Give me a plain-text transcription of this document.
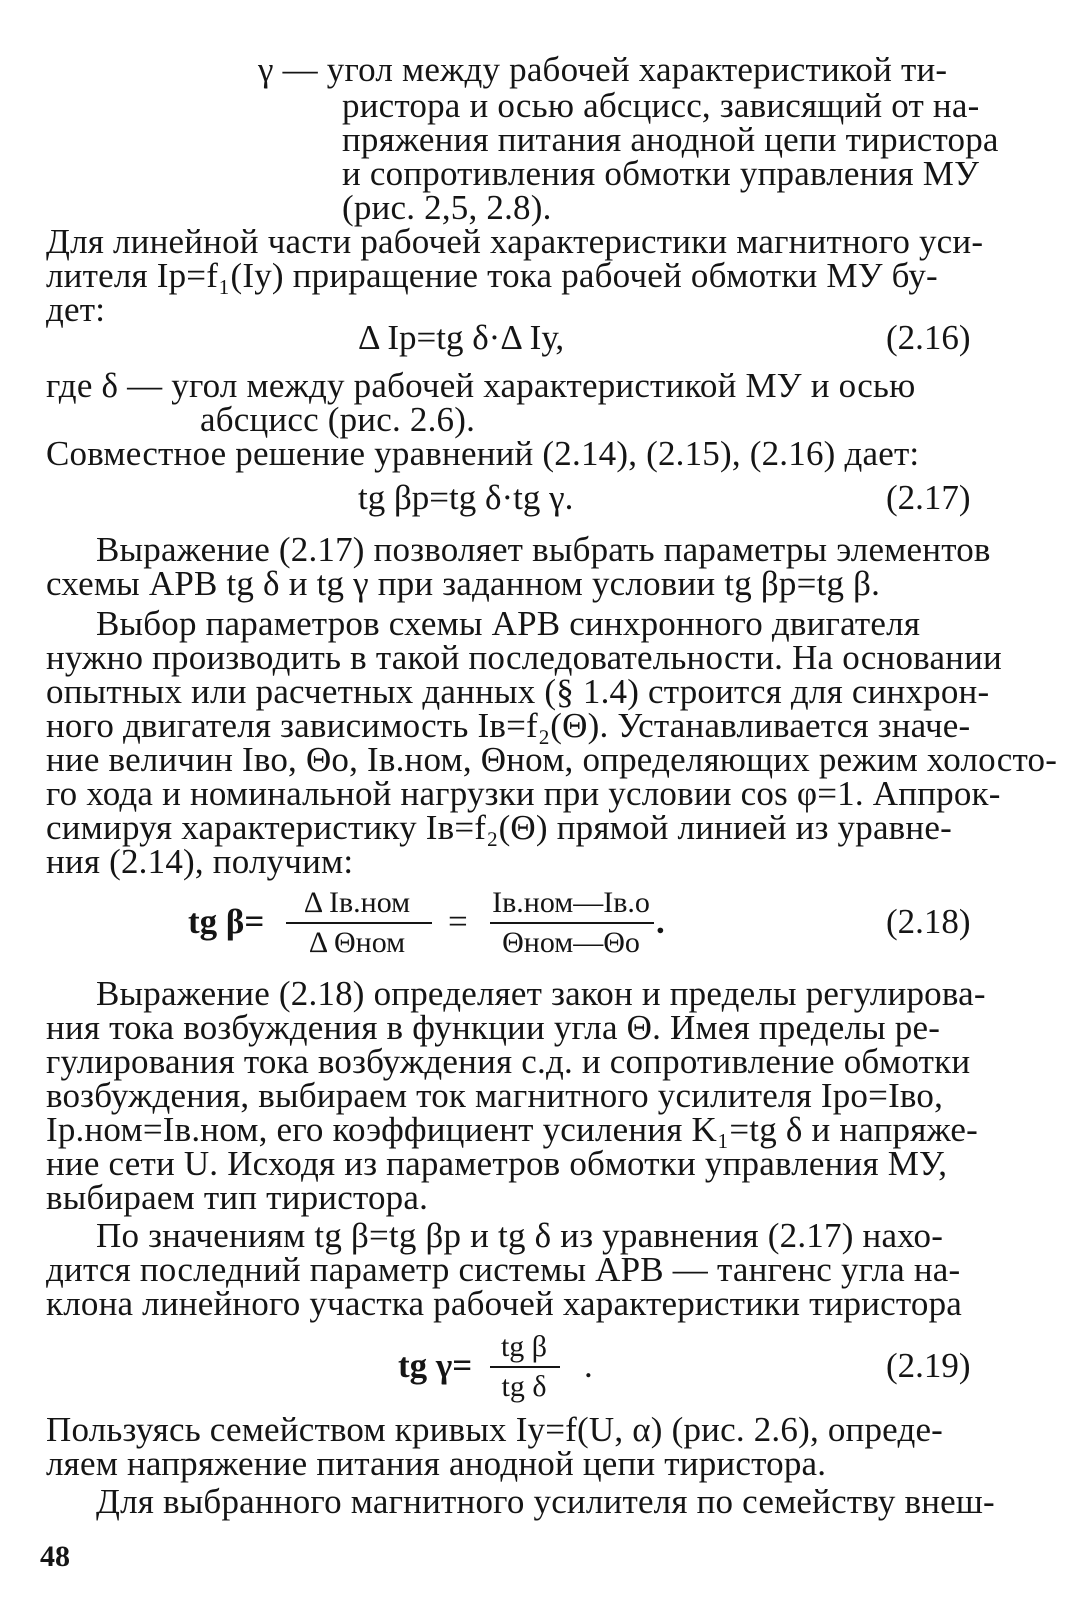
γ — угол между рабочей характеристикой ти-
ристора и осью абсцисс, зависящий от на-
пряжения питания анодной цепи тиристора
и сопротивления обмотки управления МУ
(рис. 2,5, 2.8).
Для линейной части рабочей характеристики магнитного уси-
лителя Iр=f₁(Iу) приращение тока рабочей обмотки МУ бу-
дет:
Δ Iр=tg δ·Δ Iу,	(2.16)
где δ — угол между рабочей характеристикой МУ и осью
абсцисс (рис. 2.6).
Совместное решение уравнений (2.14), (2.15), (2.16) дает:
tg βр=tg δ·tg γ.	(2.17)
Выражение (2.17) позволяет выбрать параметры элементов
схемы АРВ tg δ и tg γ при заданном условии tg βр=tg β.
Выбор параметров схемы АРВ синхронного двигателя
нужно производить в такой последовательности. На основании
опытных или расчетных данных (§ 1.4) строится для синхрон-
ного двигателя зависимость Iв=f₂(Θ). Устанавливается значе-
ние величин Iво, Θо, Iв.ном, Θном, определяющих режим холосто-
го хода и номинальной нагрузки при условии cos φ=1. Аппрок-
симируя характеристику Iв=f₂(Θ) прямой линией из уравне-
ния (2.14), получим:
tg β=	Δ Iв.ном
Δ Θном
= Iв.ном—Iв.о
Θном—Θо
.	(2.18)
Выражение (2.18) определяет закон и пределы регулирова-
ния тока возбуждения в функции угла Θ. Имея пределы ре-
гулирования тока возбуждения с.д. и сопротивление обмотки
возбуждения, выбираем ток магнитного усилителя Iро=Iво,
Iр.ном=Iв.ном, его коэффициент усиления K₁=tg δ и напряже-
ние сети U. Исходя из параметров обмотки управления МУ,
выбираем тип тиристора.
По значениям tg β=tg βр и tg δ из уравнения (2.17) нахо-
дится последний параметр системы АРВ — тангенс угла на-
клона линейного участка рабочей характеристики тиристора
tg γ= tg β
tg δ
.	(2.19)
Пользуясь семейством кривых Iу=f(U, α) (рис. 2.6), опреде-
ляем напряжение питания анодной цепи тиристора.
Для выбранного магнитного усилителя по семейству внеш-
48
